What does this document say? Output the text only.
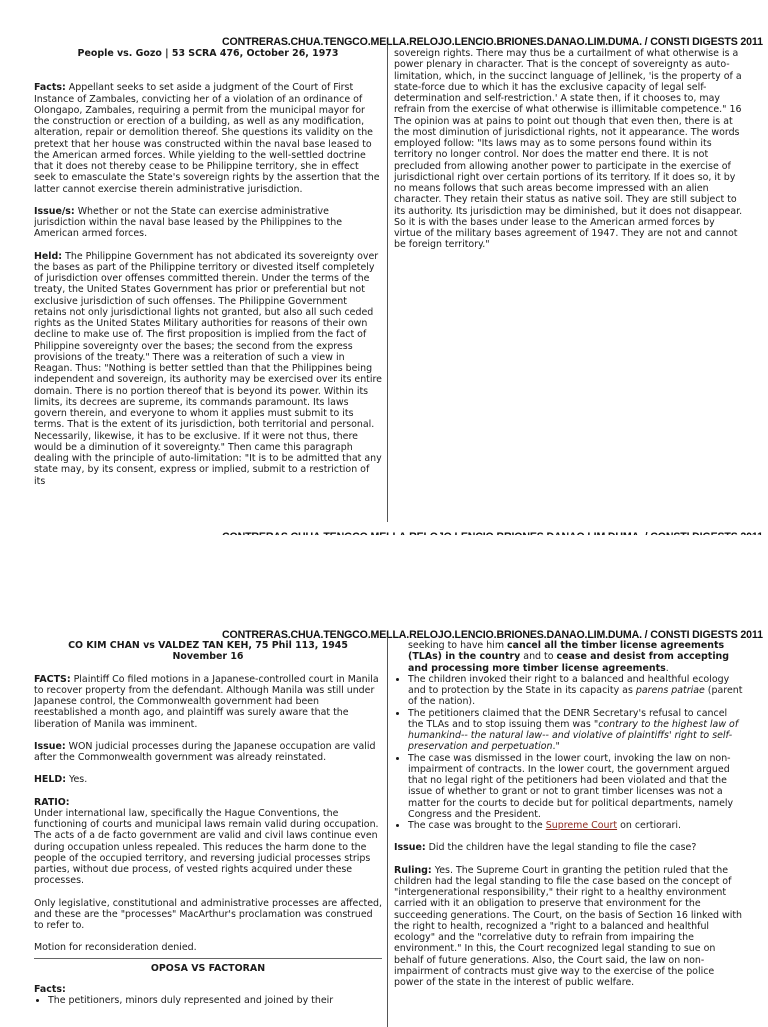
CONTRERAS.CHUA.TENGCO.MELLA.RELOJO.LENCIO.BRIONES.DANAO.LIM.DUMA. / CONSTI DIGESTS 2011

People vs. Gozo | 53 SCRA 476, October 26, 1973

Facts: Appellant seeks to set aside a judgment of the Court of First Instance of Zambales, convicting her of a violation of an ordinance of Olongapo, Zambales, requiring a permit from the municipal mayor for the construction or erection of a building, as well as any modification, alteration, repair or demolition thereof. She questions its validity on the pretext that her house was constructed within the naval base leased to the American armed forces. While yielding to the well-settled doctrine that it does not thereby cease to be Philippine territory, she in effect seek to emasculate the State's sovereign rights by the assertion that the latter cannot exercise therein administrative jurisdiction.

Issue/s: Whether or not the State can exercise administrative jurisdiction within the naval base leased by the Philippines to the American armed forces.

Held: The Philippine Government has not abdicated its sovereignty over the bases as part of the Philippine territory or divested itself completely of jurisdiction over offenses committed therein. Under the terms of the treaty, the United States Government has prior or preferential but not exclusive jurisdiction of such offenses. The Philippine Government retains not only jurisdictional lights not granted, but also all such ceded rights as the United States Military authorities for reasons of their own decline to make use of. The first proposition is implied from the fact of Philippine sovereignty over the bases; the second from the express provisions of the treaty." There was a reiteration of such a view in Reagan. Thus: "Nothing is better settled than that the Philippines being independent and sovereign, its authority may be exercised over its entire domain. There is no portion thereof that is beyond its power. Within its limits, its decrees are supreme, its commands paramount. Its laws govern therein, and everyone to whom it applies must submit to its terms. That is the extent of its jurisdiction, both territorial and personal. Necessarily, likewise, it has to be exclusive. If it were not thus, there would be a diminution of it sovereignty." Then came this paragraph dealing with the principle of auto-limitation: "It is to be admitted that any state may, by its consent, express or implied, submit to a restriction of its

sovereign rights. There may thus be a curtailment of what otherwise is a power plenary in character. That is the concept of sovereignty as auto-limitation, which, in the succinct language of Jellinek, 'is the property of a state-force due to which it has the exclusive capacity of legal self-determination and self-restriction.' A state then, if it chooses to, may refrain from the exercise of what otherwise is illimitable competence." 16 The opinion was at pains to point out though that even then, there is at the most diminution of jurisdictional rights, not it appearance. The words employed follow: "Its laws may as to some persons found within its territory no longer control. Nor does the matter end there. It is not precluded from allowing another power to participate in the exercise of jurisdictional right over certain portions of its territory. If it does so, it by no means follows that such areas become impressed with an alien character. They retain their status as native soil. They are still subject to its authority. Its jurisdiction may be diminished, but it does not disappear. So it is with the bases under lease to the American armed forces by virtue of the military bases agreement of 1947. They are not and cannot be foreign territory."

CONTRERAS.CHUA.TENGCO.MELLA.RELOJO.LENCIO.BRIONES.DANAO.LIM.DUMA. / CONSTI DIGESTS 2011

CO KIM CHAN vs VALDEZ TAN KEH, 75 Phil 113, 1945

November 16

FACTS: Plaintiff Co filed motions in a Japanese-controlled court in Manila to recover property from the defendant. Although Manila was still under Japanese control, the Commonwealth government had been reestablished a month ago, and plaintiff was surely aware that the liberation of Manila was imminent.

Issue: WON judicial processes during the Japanese occupation are valid after the Commonwealth government was already reinstated.

HELD: Yes.

RATIO:

Under international law, specifically the Hague Conventions, the functioning of courts and municipal laws remain valid during occupation. The acts of a de facto government are valid and civil laws continue even during occupation unless repealed. This reduces the harm done to the people of the occupied territory, and reversing judicial processes strips parties, without due process, of vested rights acquired under these processes.

Only legislative, constitutional and administrative processes are affected, and these are the "processes" MacArthur's proclamation was construed to refer to.

Motion for reconsideration denied.

OPOSA VS FACTORAN

Facts:

• The petitioners, minors duly represented and joined by their

seeking to have him cancel all the timber license agreements (TLAs) in the country and to cease and desist from accepting and processing more timber license agreements.

• The children invoked their right to a balanced and healthful ecology and to protection by the State in its capacity as parens patriae (parent of the nation).
• The petitioners claimed that the DENR Secretary's refusal to cancel the TLAs and to stop issuing them was "contrary to the highest law of humankind-- the natural law-- and violative of plaintiffs' right to self-preservation and perpetuation."
• The case was dismissed in the lower court, invoking the law on non-impairment of contracts. In the lower court, the government argued that no legal right of the petitioners had been violated and that the issue of whether to grant or not to grant timber licenses was not a matter for the courts to decide but for political departments, namely Congress and the President.
• The case was brought to the Supreme Court on certiorari.

Issue: Did the children have the legal standing to file the case?

Ruling: Yes. The Supreme Court in granting the petition ruled that the children had the legal standing to file the case based on the concept of "intergenerational responsibility," their right to a healthy environment carried with it an obligation to preserve that environment for the succeeding generations. The Court, on the basis of Section 16 linked with the right to health, recognized a "right to a balanced and healthful ecology" and the "correlative duty to refrain from impairing the environment." In this, the Court recognized legal standing to sue on behalf of future generations. Also, the Court said, the law on non-impairment of contracts must give way to the exercise of the police power of the state in the interest of public welfare.
